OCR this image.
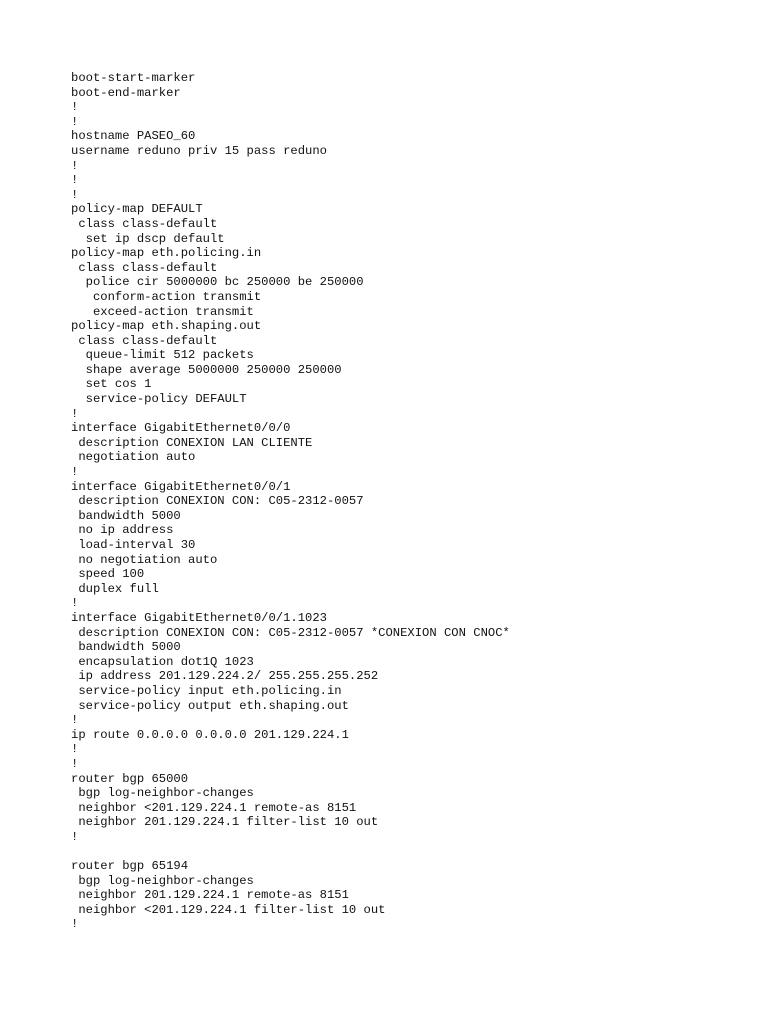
boot-start-marker
boot-end-marker
!
!
hostname PASEO_60
username reduno priv 15 pass reduno
!
!
!
policy-map DEFAULT
class class-default
set ip dscp default
policy-map eth.policing.in
class class-default
police cir 5000000 bc 250000 be 250000
conform-action transmit
exceed-action transmit
policy-map eth.shaping.out
class class-default
queue-limit 512 packets
shape average 5000000 250000 250000
set cos 1
service-policy DEFAULT
!
interface GigabitEthernet0/0/0
description CONEXION LAN CLIENTE
negotiation auto
!
interface GigabitEthernet0/0/1
description CONEXION CON: C05-2312-0057
bandwidth 5000
no ip address
load-interval 30
no negotiation auto
speed 100
duplex full
!
interface GigabitEthernet0/0/1.1023
description CONEXION CON: C05-2312-0057 *CONEXION CON CNOC*
bandwidth 5000
encapsulation dot1Q 1023
ip address 201.129.224.2/ 255.255.255.252
service-policy input eth.policing.in
service-policy output eth.shaping.out
!
ip route 0.0.0.0 0.0.0.0 201.129.224.1
!
!
router bgp 65000
bgp log-neighbor-changes
neighbor <201.129.224.1 remote-as 8151
neighbor 201.129.224.1 filter-list 10 out
!
router bgp 65194
bgp log-neighbor-changes
neighbor 201.129.224.1 remote-as 8151
neighbor <201.129.224.1 filter-list 10 out
!
